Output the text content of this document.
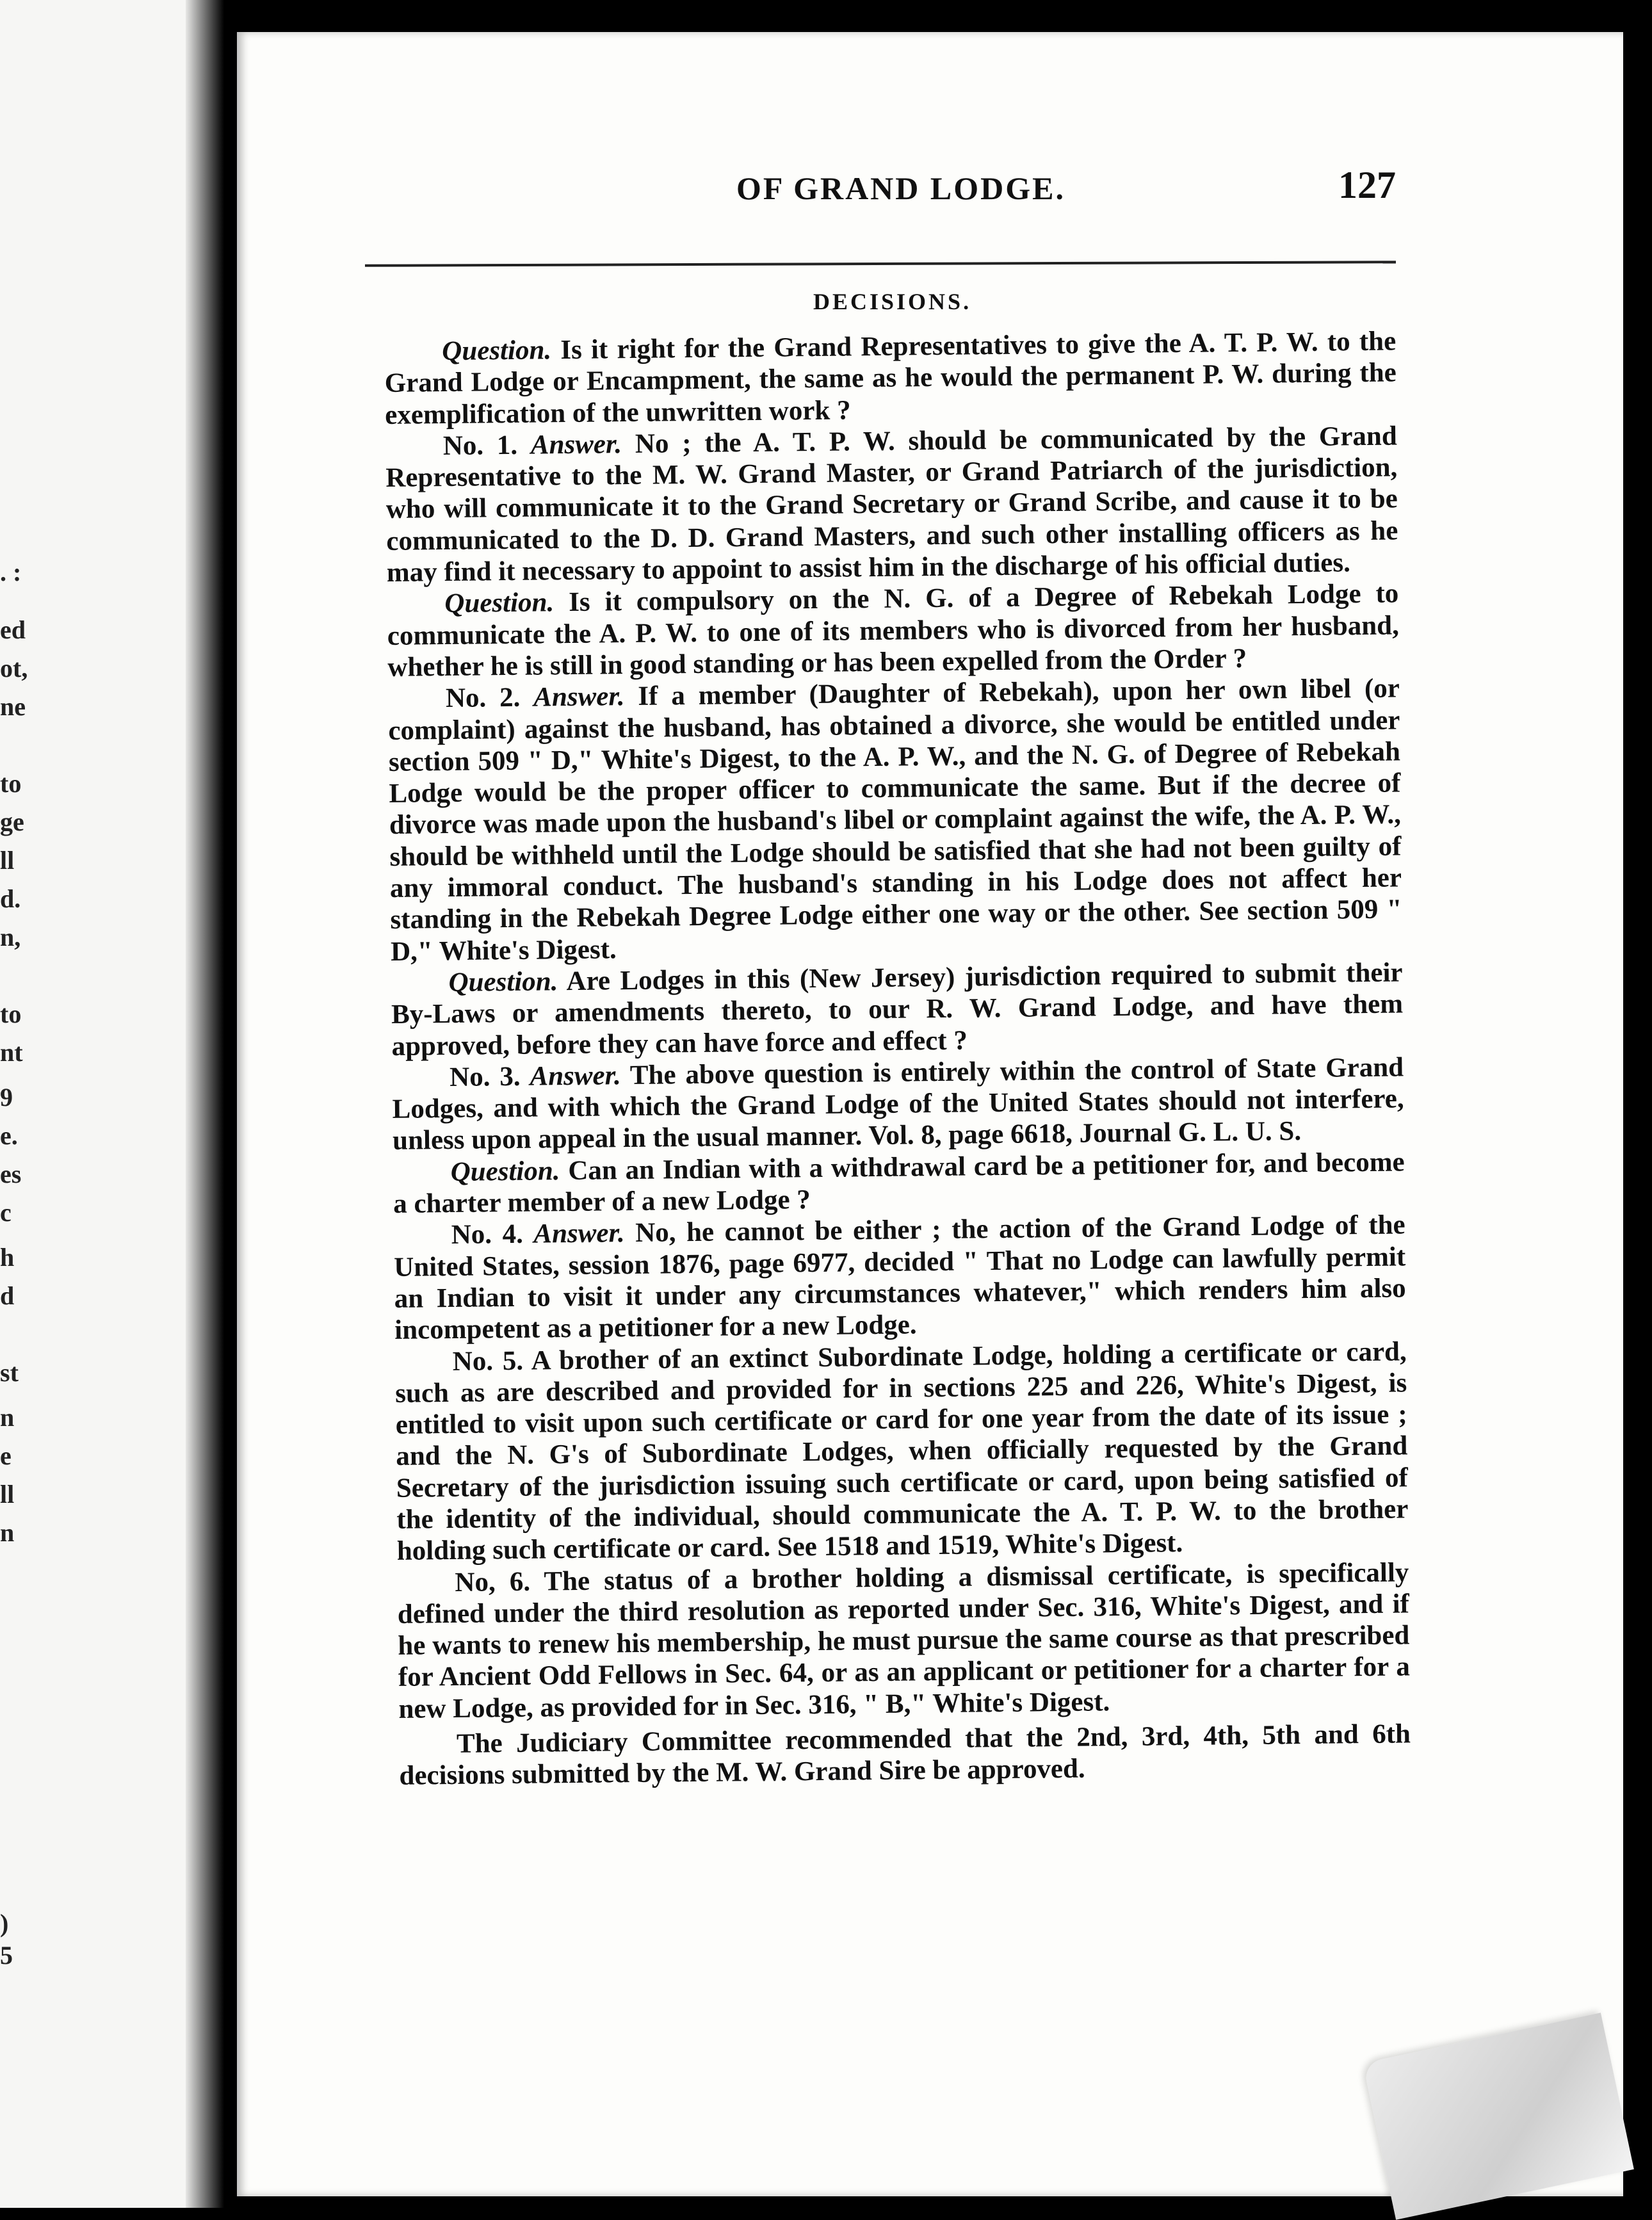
. :
ed
ot,
ne
to
ge
ll
d.
n,
to
nt
9
e.
es
c
h
d
st
n
e
ll
n
)
5
OF GRAND LODGE.	127
DECISIONS.

Question. Is it right for the Grand Representatives to give the A. T. P. W. to the Grand Lodge or Encampment, the same as he would the permanent P. W. during the exemplification of the unwritten work ?

No. 1. Answer. No ; the A. T. P. W. should be communicated by the Grand Representative to the M. W. Grand Master, or Grand Patriarch of the jurisdiction, who will communicate it to the Grand Secretary or Grand Scribe, and cause it to be communicated to the D. D. Grand Masters, and such other installing officers as he may find it necessary to appoint to assist him in the discharge of his official duties.

Question. Is it compulsory on the N. G. of a Degree of Rebekah Lodge to communicate the A. P. W. to one of its members who is divorced from her husband, whether he is still in good standing or has been expelled from the Order ?

No. 2. Answer. If a member (Daughter of Rebekah), upon her own libel (or complaint) against the husband, has obtained a divorce, she would be entitled under section 509 " D," White's Digest, to the A. P. W., and the N. G. of Degree of Rebekah Lodge would be the proper officer to communicate the same. But if the decree of divorce was made upon the husband's libel or complaint against the wife, the A. P. W., should be withheld until the Lodge should be satisfied that she had not been guilty of any immoral conduct. The husband's standing in his Lodge does not affect her standing in the Rebekah Degree Lodge either one way or the other. See section 509 " D," White's Digest.

Question. Are Lodges in this (New Jersey) jurisdiction required to submit their By-Laws or amendments thereto, to our R. W. Grand Lodge, and have them approved, before they can have force and effect ?

No. 3. Answer. The above question is entirely within the control of State Grand Lodges, and with which the Grand Lodge of the United States should not interfere, unless upon appeal in the usual manner. Vol. 8, page 6618, Journal G. L. U. S.

Question. Can an Indian with a withdrawal card be a petitioner for, and become a charter member of a new Lodge ?

No. 4. Answer. No, he cannot be either ; the action of the Grand Lodge of the United States, session 1876, page 6977, decided " That no Lodge can lawfully permit an Indian to visit it under any circumstances whatever," which renders him also incompetent as a petitioner for a new Lodge.

No. 5. A brother of an extinct Subordinate Lodge, holding a certificate or card, such as are described and provided for in sections 225 and 226, White's Digest, is entitled to visit upon such certificate or card for one year from the date of its issue ; and the N. G's of Subordinate Lodges, when officially requested by the Grand Secretary of the jurisdiction issuing such certificate or card, upon being satisfied of the identity of the individual, should communicate the A. T. P. W. to the brother holding such certificate or card. See 1518 and 1519, White's Digest.

No, 6. The status of a brother holding a dismissal certificate, is specifically defined under the third resolution as reported under Sec. 316, White's Digest, and if he wants to renew his membership, he must pursue the same course as that prescribed for Ancient Odd Fellows in Sec. 64, or as an applicant or petitioner for a charter for a new Lodge, as provided for in Sec. 316, " B," White's Digest.

The Judiciary Committee recommended that the 2nd, 3rd, 4th, 5th and 6th decisions submitted by the M. W. Grand Sire be approved.
